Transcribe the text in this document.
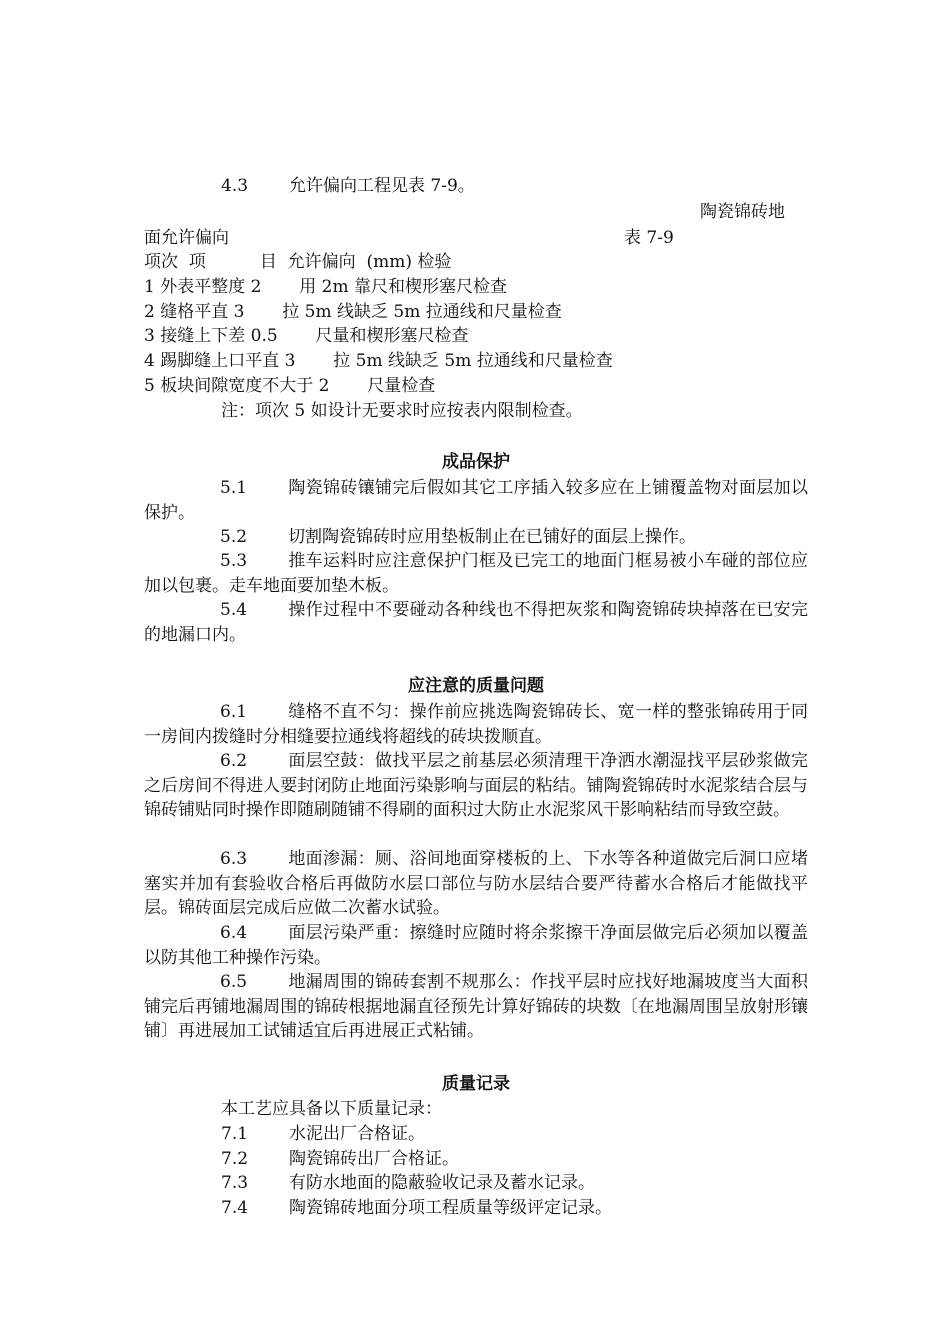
4.3 允许偏向工程见表 7-9。
陶瓷锦砖地
面允许偏向	表 7-9
项次  项          目  允许偏向  (mm) 检验
1 外表平整度 2       用 2m 靠尺和楔形塞尺检查
2 缝格平直 3       拉 5m 线缺乏 5m 拉通线和尺量检查
3 接缝上下差 0.5       尺量和楔形塞尺检查
4 踢脚缝上口平直 3       拉 5m 线缺乏 5m 拉通线和尺量检查
5 板块间隙宽度不大于 2       尺量检查
注：项次 5 如设计无要求时应按表内限制检查。
成品保护

5.1 陶瓷锦砖镶铺完后假如其它工序插入较多应在上铺覆盖物对面层加以保护。

5.2 切割陶瓷锦砖时应用垫板制止在已铺好的面层上操作。

5.3 推车运料时应注意保护门框及已完工的地面门框易被小车碰的部位应加以包裹。走车地面要加垫木板。

5.4 操作过程中不要碰动各种线也不得把灰浆和陶瓷锦砖块掉落在已安完的地漏口内。

应注意的质量问题

6.1 缝格不直不匀：操作前应挑选陶瓷锦砖长、宽一样的整张锦砖用于同一房间内拨缝时分相缝要拉通线将超线的砖块拨顺直。

6.2 面层空鼓：做找平层之前基层必须清理干净洒水潮湿找平层砂浆做完之后房间不得进人要封闭防止地面污染影响与面层的粘结。铺陶瓷锦砖时水泥浆结合层与锦砖铺贴同时操作即随刷随铺不得刷的面积过大防止水泥浆风干影响粘结而导致空鼓。

6.3 地面渗漏：厕、浴间地面穿楼板的上、下水等各种道做完后洞口应堵塞实并加有套验收合格后再做防水层口部位与防水层结合要严待蓄水合格后才能做找平层。锦砖面层完成后应做二次蓄水试验。

6.4 面层污染严重：擦缝时应随时将余浆擦干净面层做完后必须加以覆盖以防其他工种操作污染。

6.5 地漏周围的锦砖套割不规那么：作找平层时应找好地漏坡度当大面积铺完后再铺地漏周围的锦砖根据地漏直径预先计算好锦砖的块数〔在地漏周围呈放射形镶铺〕再进展加工试铺适宜后再进展正式粘铺。

质量记录
本工艺应具备以下质量记录：
7.1 水泥出厂合格证。
7.2 陶瓷锦砖出厂合格证。
7.3 有防水地面的隐蔽验收记录及蓄水记录。
7.4 陶瓷锦砖地面分项工程质量等级评定记录。
